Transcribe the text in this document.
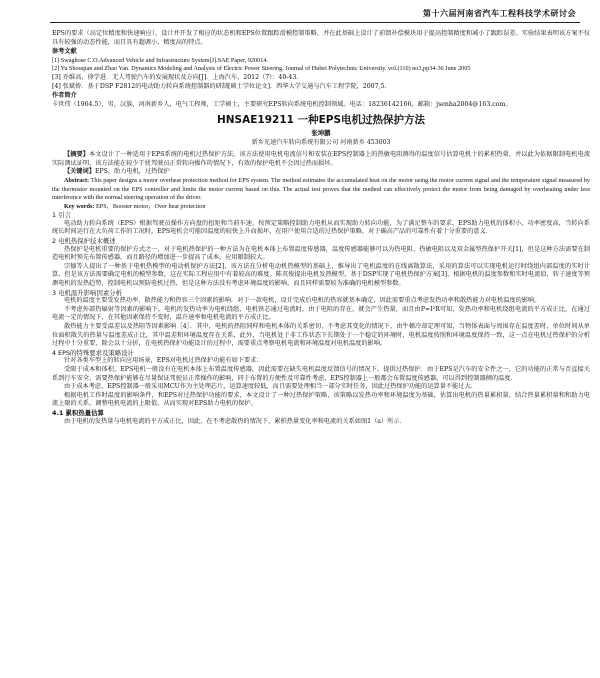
第十六届河南省汽车工程科技学术研讨会

EPS的要求（高定位精度和快速响应），设计并开发了相应的状态机和EPS位置跟踪滑模控制策略，并在此基础上设计了前馈补偿模块用于提高控制精度和减小了跟踪误差。实验结果表明该方案不仅具有较强的动态性能，而且具有超调小、精度高的特点。

参考文献

[1] Swaghose C.O.Advanced Vehicle and Infrastructure System[J].SAE Paper, 920014.

[2] Yu Shouqian and Zhao Yan. Dynamics Modeling and Analysis of Electric Power Steering. Journal of Hubei Polytechnic University. vol.(110) no3,pp34-36 June 2005

[3] 乔维高，徐学进．无人驾驶汽车的发展现状及方向[J]．上海汽车，2012（7）：40-43.

[4] 张斌娇．基于DSP F2812的电动助力转向系统控制器的研制[硕士学位论文]．西华大学交通与汽车工程学院，2007,5.

作者简介

卡世伟（1964.5），男，汉族，河南新乡人，电气工程师，工学硕士，主要研究EPS转向系统电机控制领域。电话：18236142166，邮箱：jsenha2004@163.com。

HNSAE19211 一种EPS电机过热保护方法
张坤鹏
新乡光速汽车转向系统有限公司 河南新乡 453003

【摘要】本文设计了一种适用于EPS系统的电机过热保护方法。该方法使用电机电流信号和安装在EPS控制器上的热敏电阻测得的温度信号估算电机十的累积热量，并以此为依据限制电机电流实际测试证明，该方法能在较少干扰驾驶员正常转向操作的情况下，有效的保护电机不会因过热而损坏。

【关键词】EPS，助力电机，过热保护

Abstract: This paper designs a motor overheat protection method for EPS system. The method estimates the accumulated heat on the motor using the motor current signal and the temperature signal measured by the thermistor mounted on the EPS controller and limits the motor current based on this. The actual test proves that the method can effectively protect the motor from being damaged by overheating under less interference with the normal steering operation of the driver.

Key words: EPS，Booster motor，Over heat protection

1 引言

电动助力转向系统（EPS）根据驾驶员操作方向盘的扭矩和当前车速，按预定策略控制助力电机从而实现助力转向功能，为了满足整车的要求，EPS助力电机的体积小、功率密度高，当转向系统长时间运行在大负荷工作的工况时，EPS电机会可能因温度的较快上升而损坏，在用户使用合适的过热保护策略，对于确高产品的可靠性有着十分重要的意义．

2 电机热保护技术概述

热保护是电机重要的保护方式之一，对于电机热保护的一种方法为在电机本体上布置温度传感器，温度传感器能够可以为热电阻、热敏电阻以及双金属型热保护开关[1]，但是这种方法需要在制造电机时预先布置传感器，而且路径的增加进一步提高了成本，应用限制较大。

宗德等人提出了一种基于电机热模型的电动机保护方法[2]，该方法在分析电动机热模型的基础上，推导出了电机温度的在线离散算法，采用的算法可以实现电机运行时绕组内部温度的实时计算，但是该方法需要确定电机的模型参数，这在实际工程应用中有着较高的难度。陈英俊提出电机发热模型，基于DSP实现了电机热保护方案[3]，根据电机的温度参数和实时电流值，转子速度等预测电机的发热趋势，控制电机以预防电机过热，但是这种方法没有考虑环境温度的影响，而且同样需要较为准确的电机模型参数。

3 电机温升影响因素分析

电机的温度主要受发热功率、散热能力和热容三个因素的影响．对于一款电机，设计完成后电机的热容就基本确定，因此需要重点考虑发热功率和散热能力对电机温度的影响。

不考虑外部热辐射等因素的影响下，电机的发热功率为电机绕组，电机铁芯通过电流时，由于电阻的存在，就会产生热量，而且由P=I²R可知，发热功率和电机绕组电流的平方成正比，在通过电流一定的情况下，在其他因素保持不变时，温升速率和电机电流的平方成正比。

散热能力主要受温差以及热阻等因素影响［4］．其中，电机的热阻同样和电机本体的关系密切，不考虑其变化的情况下，由牛顿冷却定理可知，当物体表面与周围存在温度差时，单位时间从单位面积散失的热量与温度差成正比，其中温差和环境温度存在关系，此外，当电机处于非工作状态下长期处于一个稳定的环境时，电机温度按照和环境温度保持一致，这一点在电机过热保护的分析过程中十分重要，除会以十分折，在电机热保护功能设计的过程中，需要重点考察电机电流和环境温度对电机温度的影响。

4 EPS的特殊要求及策略设计

针对各类车型上的转向应用场景，EPS对电机过热保护功能有如下要求：

受限于成本和体积，EPS电机一般没有在电机本体上布置温度传感器，因此需要在缺失电机温度反馈信号的情况下，提供过热保护．由于EPS是汽车的安全件之一，它的功能的正常与否直接关系到行车安全，需要热保护能够在尽量保证驾驶员正常操作的影响，同于布置的方便性及可靠性考虑，EPS控制器上一般都会布置温度传感器，可以得到控制器侧的温度．

由于成本考虑，EPS控制器一般采用MCU作为主处理芯片，运算速度较低，而且需要处理相当一部分实时任务，因此过热保护功能的运算量不能过大．

根据电机工作时温度的影响条件，和EPS对过热保护功能的要求，本文设计了一种过热保护策略，该策略以发热功率和环境温度为基础，估算出电机的热量累积量，结合热量累积量和和助力电流上限的关系，调整电机电流的上限值，从而实现对EPS助力电机的保护。

4.1 累积热量估算

由于电机的发热量与电机电流的平方成正比，因此，在不考虑散热的情况下，累积热量变化率和电流的关系如图1（a）所示．
